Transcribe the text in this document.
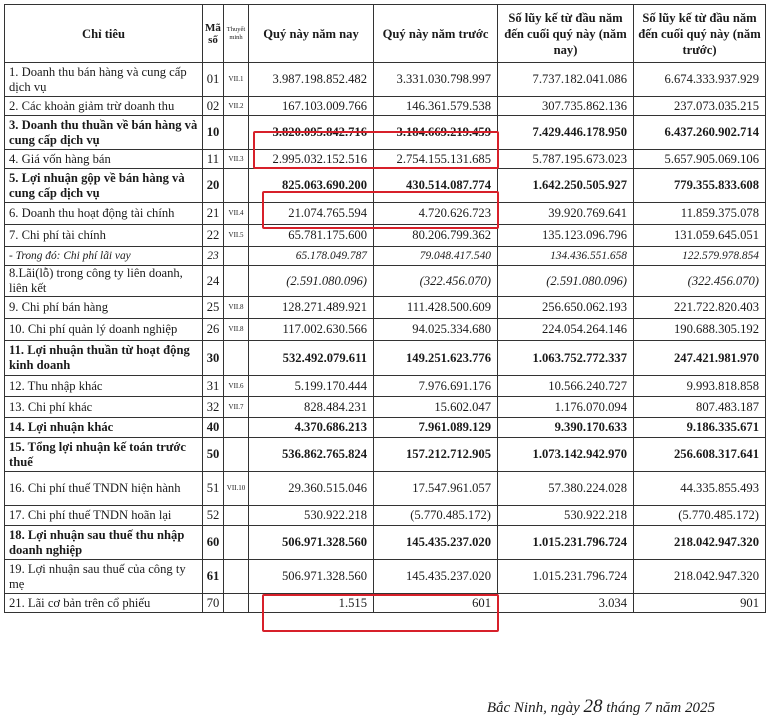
Chỉ tiêu	Mã số	Thuyết minh	Quý này năm nay	Quý này năm trước	Số lũy kế từ đầu năm đến cuối quý này (năm nay)	Số lũy kế từ đầu năm đến cuối quý này (năm trước)
1. Doanh thu bán hàng và cung cấp dịch vụ	01	VII.1	3.987.198.852.482	3.331.030.798.997	7.737.182.041.086	6.674.333.937.929
2. Các khoản giảm trừ doanh thu	02	VII.2	167.103.009.766	146.361.579.538	307.735.862.136	237.073.035.215
3. Doanh thu thuần về bán hàng và cung cấp dịch vụ	10		3.820.095.842.716	3.184.669.219.459	7.429.446.178.950	6.437.260.902.714
4. Giá vốn hàng bán	11	VII.3	2.995.032.152.516	2.754.155.131.685	5.787.195.673.023	5.657.905.069.106
5. Lợi nhuận gộp về bán hàng và cung cấp dịch vụ	20		825.063.690.200	430.514.087.774	1.642.250.505.927	779.355.833.608
6. Doanh thu hoạt động tài chính	21	VII.4	21.074.765.594	4.720.626.723	39.920.769.641	11.859.375.078
7. Chi phí tài chính	22	VII.5	65.781.175.600	80.206.799.362	135.123.096.796	131.059.645.051
- Trong đó: Chi phí lãi vay	23		65.178.049.787	79.048.417.540	134.436.551.658	122.579.978.854
8.Lãi(lỗ) trong công ty liên doanh, liên kết	24		(2.591.080.096)	(322.456.070)	(2.591.080.096)	(322.456.070)
9. Chi phí bán hàng	25	VII.8	128.271.489.921	111.428.500.609	256.650.062.193	221.722.820.403
10. Chi phí quản lý doanh nghiệp	26	VII.8	117.002.630.566	94.025.334.680	224.054.264.146	190.688.305.192
11. Lợi nhuận thuần từ hoạt động kinh doanh	30		532.492.079.611	149.251.623.776	1.063.752.772.337	247.421.981.970
12. Thu nhập khác	31	VII.6	5.199.170.444	7.976.691.176	10.566.240.727	9.993.818.858
13. Chi phí khác	32	VII.7	828.484.231	15.602.047	1.176.070.094	807.483.187
14. Lợi nhuận khác	40		4.370.686.213	7.961.089.129	9.390.170.633	9.186.335.671
15. Tổng lợi nhuận kế toán trước thuế	50		536.862.765.824	157.212.712.905	1.073.142.942.970	256.608.317.641
16. Chi phí thuế TNDN hiện hành	51	VII.10	29.360.515.046	17.547.961.057	57.380.224.028	44.335.855.493
17. Chi phí thuế TNDN hoãn lại	52		530.922.218	(5.770.485.172)	530.922.218	(5.770.485.172)
18. Lợi nhuận sau thuế thu nhập doanh nghiệp	60		506.971.328.560	145.435.237.020	1.015.231.796.724	218.042.947.320
19. Lợi nhuận sau thuế của công ty mẹ	61		506.971.328.560	145.435.237.020	1.015.231.796.724	218.042.947.320
21. Lãi cơ bản trên cổ phiếu	70		1.515	601	3.034	901
Bắc Ninh, ngày 28 tháng 7 năm 2025
